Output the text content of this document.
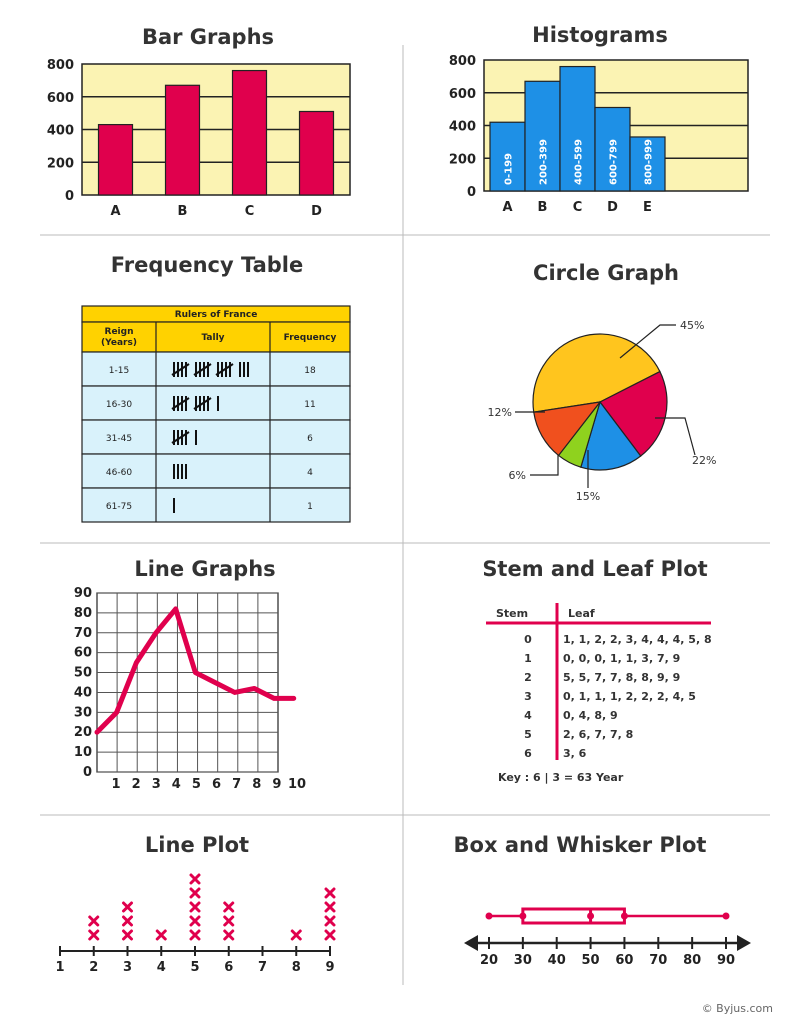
Bar Graphs	Histograms
Frequency Table	Circle Graph
Line Graphs	Stem and Leaf Plot
Line Plot	Box and Whisker Plot
0
200
400
600
800
A	B	C	D
0
200
400
600
800
0-199
A
200-399
B
400-599
C
600-799
D
800-999
E
Rulers of France
Reign
(Years)	Tally	Frequency
1-15	18
16-30	11
31-45	6
46-60	4
61-75	1
45%
22%
15%
6%
12%
0
10
20
30
40
50
60
70
80
90
1 2 3 4 5 6 7 8 9 10
Stem	Leaf
0	1, 1, 2, 2, 3, 4, 4, 4, 5, 8
1	0, 0, 0, 1, 1, 3, 7, 9
2	5, 5, 7, 7, 8, 8, 9, 9
3	0, 1, 1, 1, 2, 2, 2, 4, 5
4	0, 4, 8, 9
5	2, 6, 7, 7, 8
6	3, 6
Key : 6 | 3 = 63 Year
1 2 3 4 5 6 7 8 9	20 30 40 50 60 70 80 90
© Byjus.com
